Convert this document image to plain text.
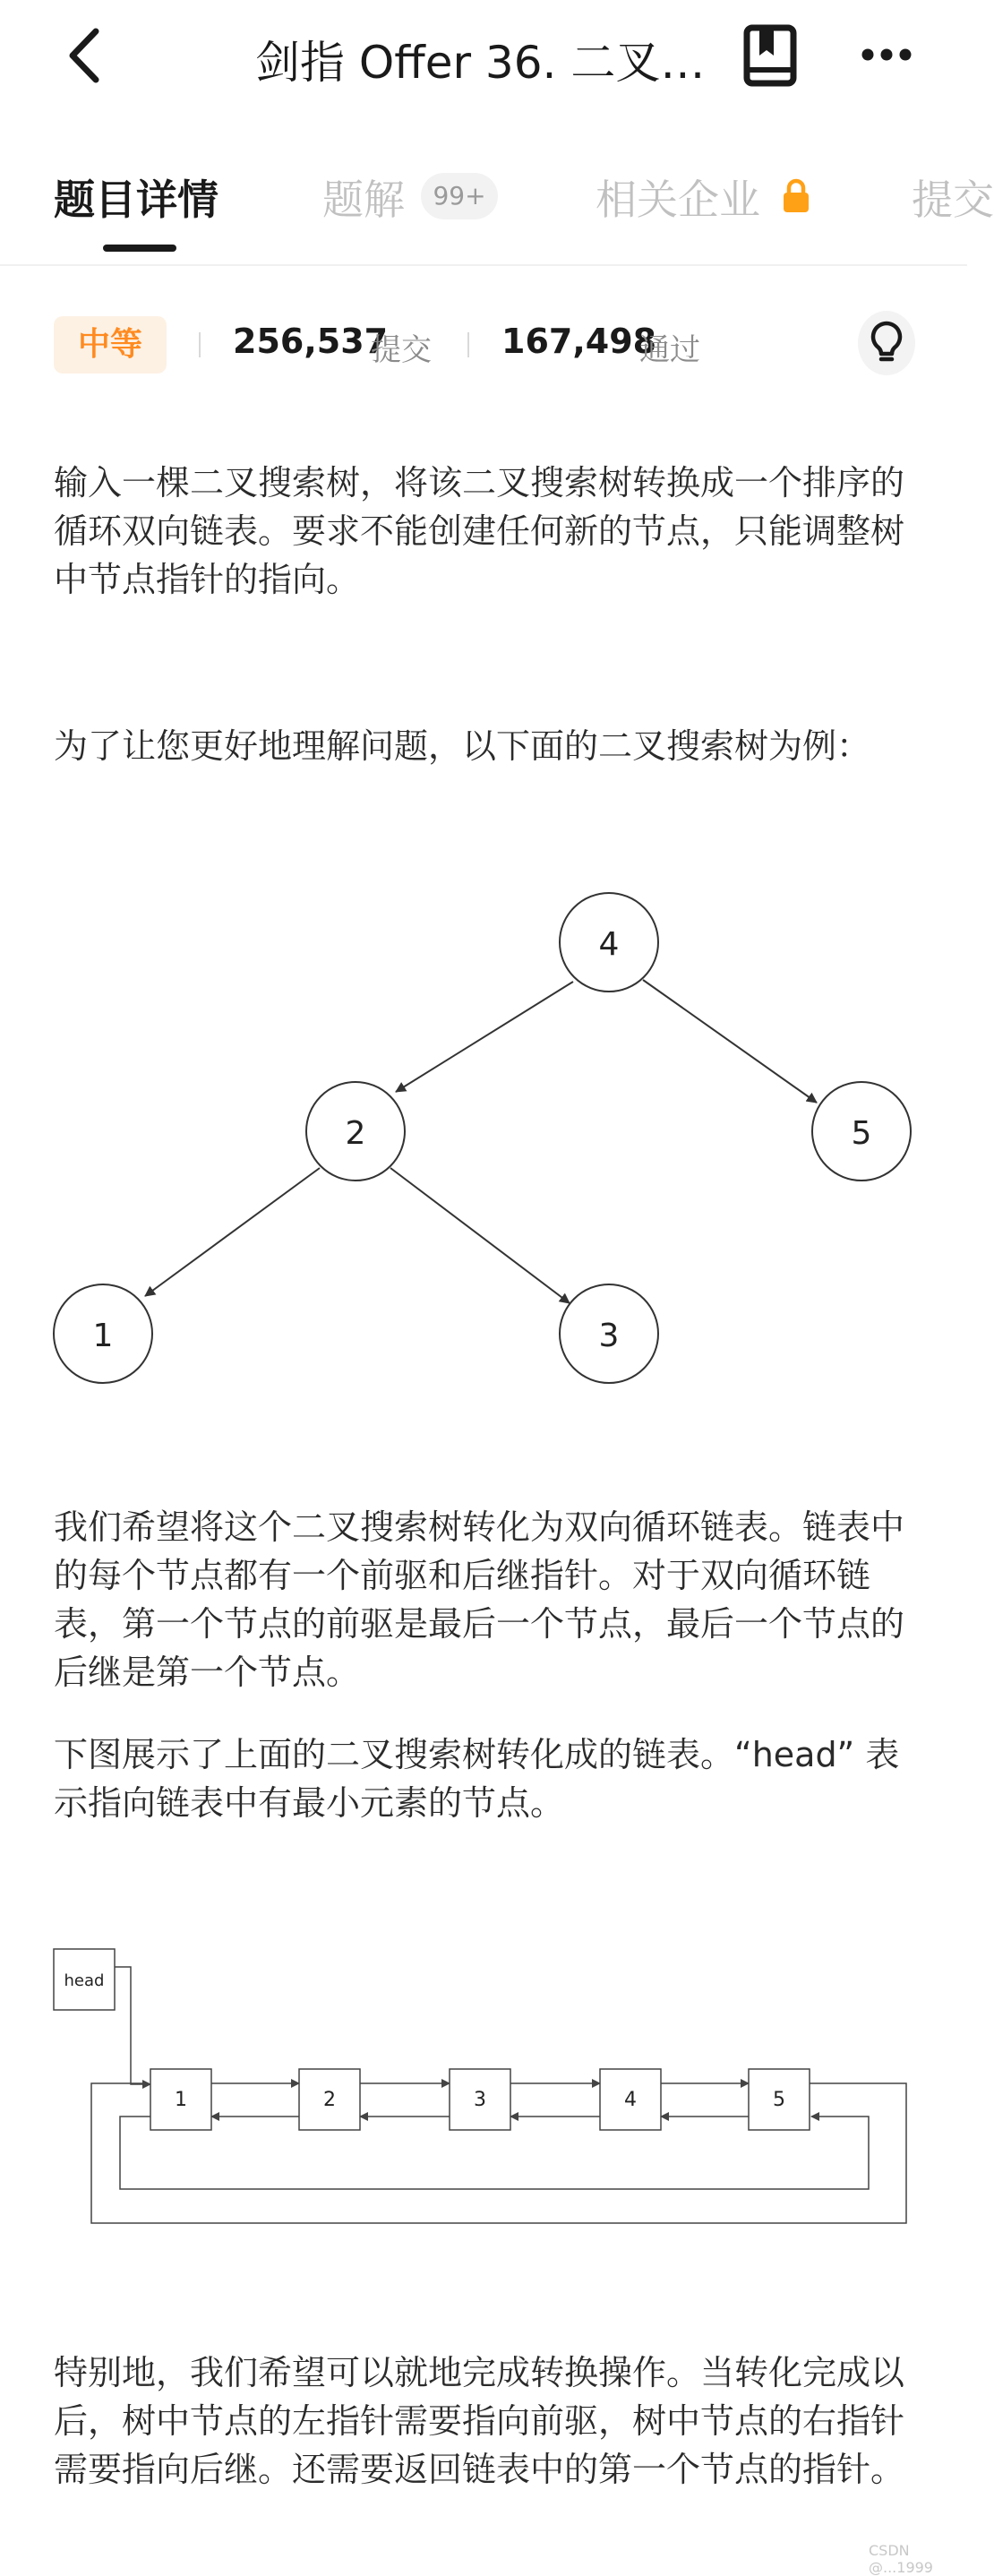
剑指 Offer 36. 二叉…
题目详情	题解	99+	相关企业	提交
中等	256,537
提交 167,498
通过

输入一棵二叉搜索树，将该二叉搜索树转换成一个排序的循环双向链表。要求不能创建任何新的节点，只能调整树中节点指针的指向。

为了让您更好地理解问题，以下面的二叉搜索树为例：

4
2	5
1	3

我们希望将这个二叉搜索树转化为双向循环链表。链表中的每个节点都有一个前驱和后继指针。对于双向循环链表，第一个节点的前驱是最后一个节点，最后一个节点的后继是第一个节点。

下图展示了上面的二叉搜索树转化成的链表。“head” 表示指向链表中有最小元素的节点。

head
1	2	3	4	5

特别地，我们希望可以就地完成转换操作。当转化完成以后，树中节点的左指针需要指向前驱，树中节点的右指针需要指向后继。还需要返回链表中的第一个节点的指针。

CSDN @...1999
